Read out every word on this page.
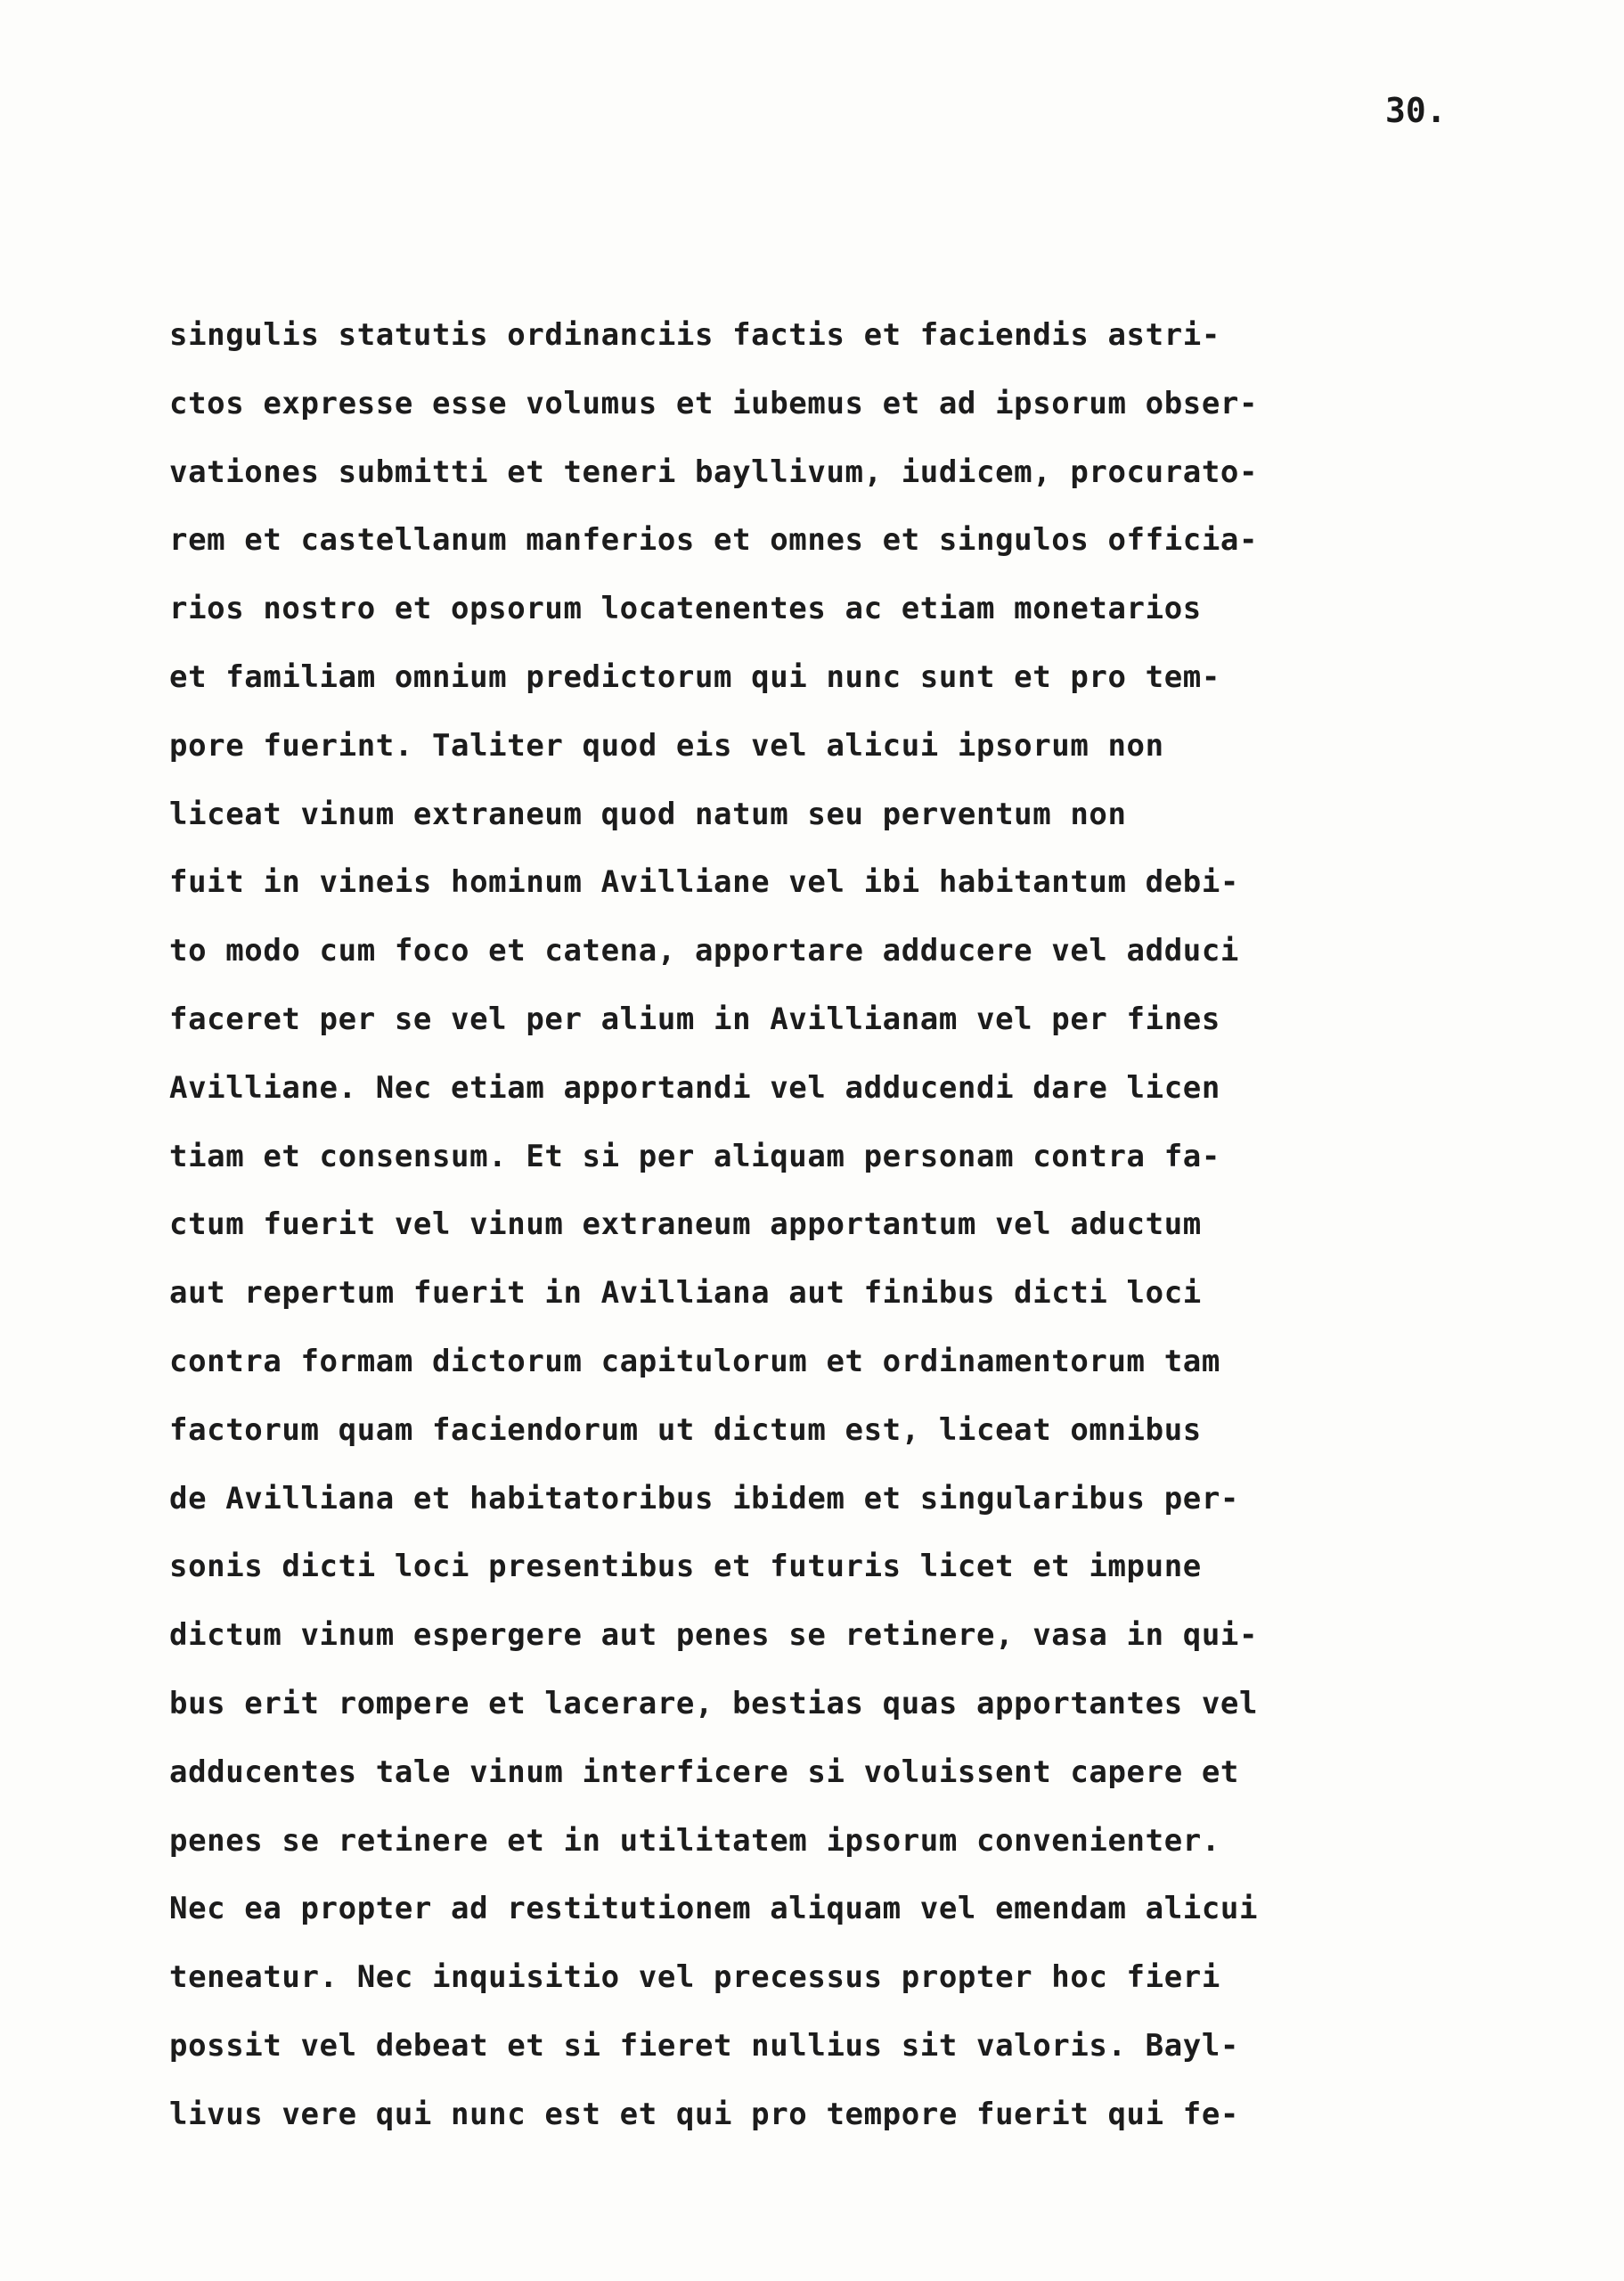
30.
singulis statutis ordinanciis factis et faciendis astri-
ctos expresse esse volumus et iubemus et ad ipsorum obser-
vationes submitti et teneri bayllivum, iudicem, procurato-
rem et castellanum manferios et omnes et singulos officia-
rios nostro et opsorum locatenentes ac etiam monetarios
et familiam omnium predictorum qui nunc sunt et pro tem-
pore fuerint. Taliter quod eis vel alicui ipsorum non
liceat vinum extraneum quod natum seu perventum non
fuit in vineis hominum Avilliane vel ibi habitantum debi-
to modo cum foco et catena, apportare adducere vel adduci
faceret per se vel per alium in Avillianam vel per fines
Avilliane. Nec etiam apportandi vel adducendi dare licen
tiam et consensum. Et si per aliquam personam contra fa-
ctum fuerit vel vinum extraneum apportantum vel aductum
aut repertum fuerit in Avilliana aut finibus dicti loci
contra formam dictorum capitulorum et ordinamentorum tam
factorum quam faciendorum ut dictum est, liceat omnibus
de Avilliana et habitatoribus ibidem et singularibus per-
sonis dicti loci presentibus et futuris licet et impune
dictum vinum espergere aut penes se retinere, vasa in qui-
bus erit rompere et lacerare, bestias quas apportantes vel
adducentes tale vinum interficere si voluissent capere et
penes se retinere et in utilitatem ipsorum convenienter.
Nec ea propter ad restitutionem aliquam vel emendam alicui
teneatur. Nec inquisitio vel precessus propter hoc fieri
possit vel debeat et si fieret nullius sit valoris. Bayl-
livus vere qui nunc est et qui pro tempore fuerit qui fe-
